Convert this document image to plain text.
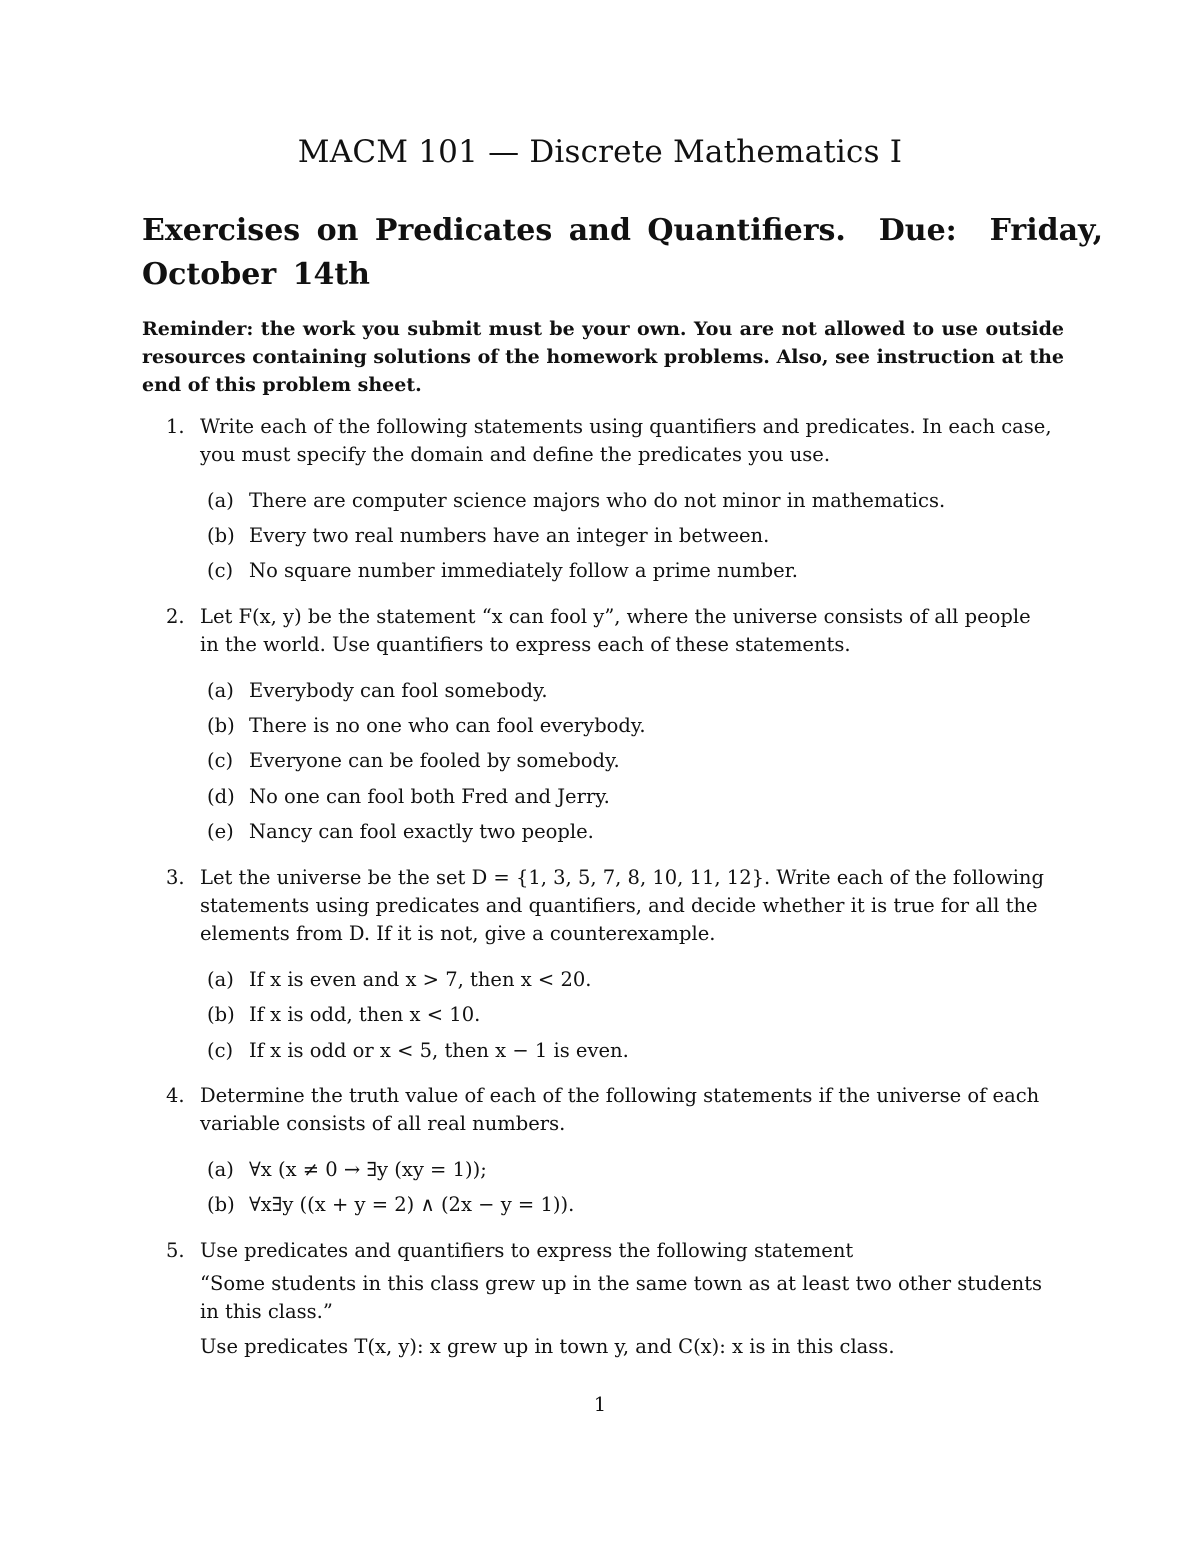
MACM 101 — Discrete Mathematics I
Exercises on Predicates and Quantifiers.  Due:  Friday,
October 14th
Reminder: the work you submit must be your own. You are not allowed to use outside resources containing solutions of the homework problems. Also, see instruction at the end of this problem sheet.
1. Write each of the following statements using quantifiers and predicates. In each case,
you must specify the domain and define the predicates you use.
(a) There are computer science majors who do not minor in mathematics.
(b) Every two real numbers have an integer in between.
(c) No square number immediately follow a prime number.
2. Let F(x, y) be the statement “x can fool y”, where the universe consists of all people
in the world. Use quantifiers to express each of these statements.
(a) Everybody can fool somebody.
(b) There is no one who can fool everybody.
(c) Everyone can be fooled by somebody.
(d) No one can fool both Fred and Jerry.
(e) Nancy can fool exactly two people.
3. Let the universe be the set D = {1, 3, 5, 7, 8, 10, 11, 12}. Write each of the following
statements using predicates and quantifiers, and decide whether it is true for all the
elements from D. If it is not, give a counterexample.
(a) If x is even and x > 7, then x < 20.
(b) If x is odd, then x < 10.
(c) If x is odd or x < 5, then x − 1 is even.
4. Determine the truth value of each of the following statements if the universe of each
variable consists of all real numbers.
(a) ∀x (x ≠ 0 → ∃y (xy = 1));
(b) ∀x∃y ((x + y = 2) ∧ (2x − y = 1)).
5. Use predicates and quantifiers to express the following statement
“Some students in this class grew up in the same town as at least two other students
in this class.”
Use predicates T(x, y): x grew up in town y, and C(x): x is in this class.
1
